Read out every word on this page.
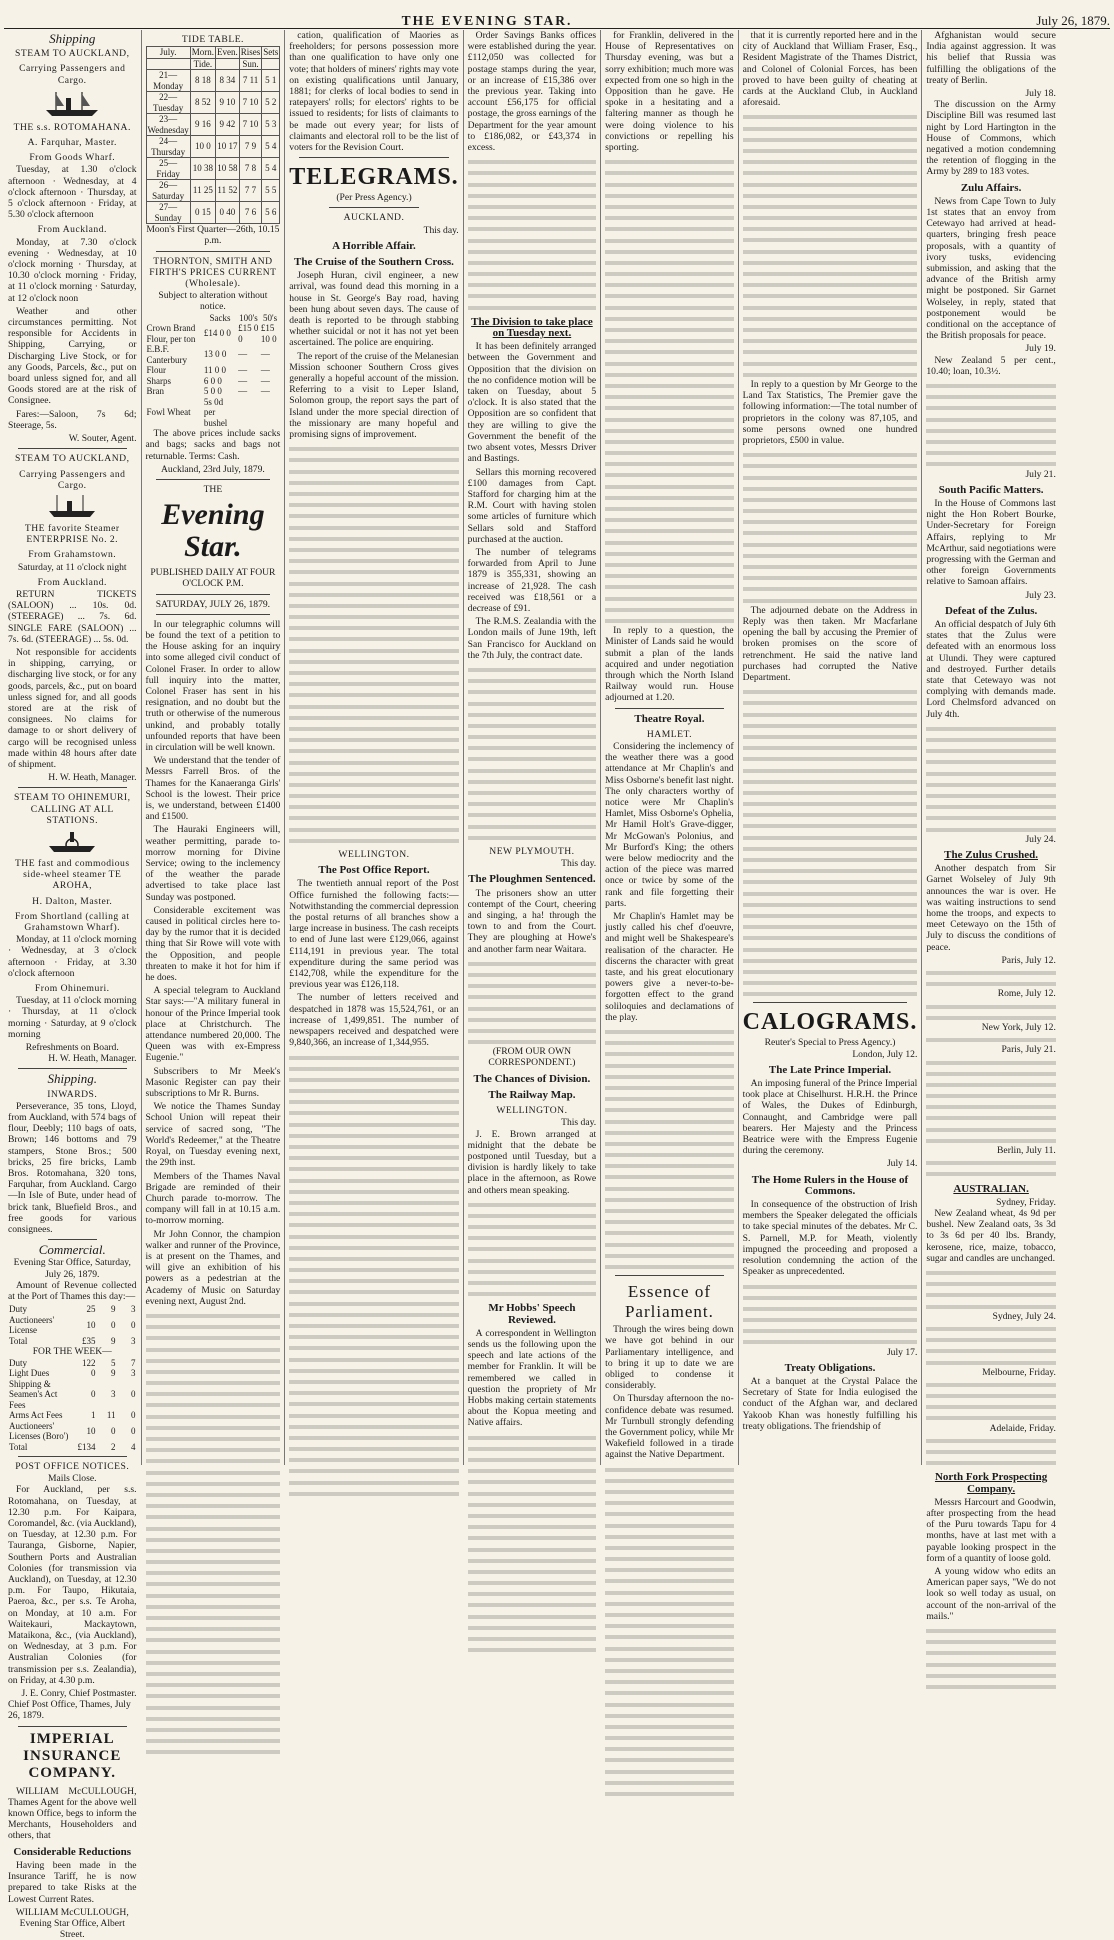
THE EVENING STAR.	July 26, 1879.
Shipping
STEAM TO AUCKLAND,
Carrying Passengers and Cargo.
THE s.s. ROTOMAHANA.
A. Farquhar, Master.
From Goods Wharf.

Tuesday, at 1.30 o'clock afternoon · Wednesday, at 4 o'clock afternoon · Thursday, at 5 o'clock afternoon · Friday, at 5.30 o'clock afternoon

From Auckland.

Monday, at 7.30 o'clock evening · Wednesday, at 10 o'clock morning · Thursday, at 10.30 o'clock morning · Friday, at 11 o'clock morning · Saturday, at 12 o'clock noon

Weather and other circumstances permitting. Not responsible for Accidents in Shipping, Carrying, or Discharging Live Stock, or for any Goods, Parcels, &c., put on board unless signed for, and all Goods stored are at the risk of Consignee.

Fares:—Saloon, 7s 6d; Steerage, 5s.

W. Souter, Agent.
STEAM TO AUCKLAND,
Carrying Passengers and Cargo.
THE favorite Steamer ENTERPRISE No. 2.
From Grahamstown.
Saturday, at 11 o'clock night
From Auckland.

RETURN TICKETS (SALOON) ... 10s. 0d. (STEERAGE) ... 7s. 6d. SINGLE FARE (SALOON) ... 7s. 6d. (STEERAGE) ... 5s. 0d.

Not responsible for accidents in shipping, carrying, or discharging live stock, or for any goods, parcels, &c., put on board unless signed for, and all goods stored are at the risk of consignees. No claims for damage to or short delivery of cargo will be recognised unless made within 48 hours after date of shipment.

H. W. Heath, Manager.
STEAM TO OHINEMURI, CALLING AT ALL STATIONS.
THE fast and commodious side-wheel steamer TE AROHA,
H. Dalton, Master.
From Shortland (calling at Grahamstown Wharf).

Monday, at 11 o'clock morning · Wednesday, at 3 o'clock afternoon · Friday, at 3.30 o'clock afternoon

From Ohinemuri.

Tuesday, at 11 o'clock morning · Thursday, at 11 o'clock morning · Saturday, at 9 o'clock morning

Refreshments on Board.
H. W. Heath, Manager.
Shipping.
INWARDS.

Perseverance, 35 tons, Lloyd, from Auckland, with 574 bags of flour, Deebly; 110 bags of oats, Brown; 146 bottoms and 79 stampers, Stone Bros.; 500 bricks, 25 fire bricks, Lamb Bros. Rotomahana, 320 tons, Farquhar, from Auckland. Cargo—In Isle of Bute, under head of brick tank, Bluefield Bros., and free goods for various consignees.

Commercial.
Evening Star Office, Saturday, July 26, 1879.

Amount of Revenue collected at the Port of Thames this day:—

Duty	25	9	3
Auctioneers' License	10	0	0
Total	£35	9	3
FOR THE WEEK—
Duty	122	5	7
Light Dues	0	9	3
Shipping & Seamen's Act Fees	0	3	0
Arms Act Fees	1	11	0
Auctioneers' Licenses (Boro')	10	0	0
Total	£134	2	4
POST OFFICE NOTICES.
Mails Close.

For Auckland, per s.s. Rotomahana, on Tuesday, at 12.30 p.m. For Kaipara, Coromandel, &c. (via Auckland), on Tuesday, at 12.30 p.m. For Tauranga, Gisborne, Napier, Southern Ports and Australian Colonies (for transmission via Auckland), on Tuesday, at 12.30 p.m. For Taupo, Hikutaia, Paeroa, &c., per s.s. Te Aroha, on Monday, at 10 a.m. For Waitekauri, Mackaytown, Mataikona, &c., (via Auckland), on Wednesday, at 3 p.m. For Australian Colonies (for transmission per s.s. Zealandia), on Friday, at 4.30 p.m.

J. E. Conry, Chief Postmaster.
Chief Post Office, Thames, July 26, 1879.
IMPERIAL INSURANCE COMPANY.

WILLIAM McCULLOUGH, Thames Agent for the above well known Office, begs to inform the Merchants, Householders and others, that

Considerable Reductions

Having been made in the Insurance Tariff, he is now prepared to take Risks at the Lowest Current Rates.

WILLIAM McCULLOUGH,
Evening Star Office, Albert Street.
TIDE TABLE.
July.	Morn.	Even.	Rises	Sets
	Tide.		Sun.	
21—Monday	8 18	8 34	7 11	5 1
22—Tuesday	8 52	9 10	7 10	5 2
23—Wednesday	9 16	9 42	7 10	5 3
24—Thursday	10 0	10 17	7 9	5 4
25—Friday	10 38	10 58	7 8	5 4
26—Saturday	11 25	11 52	7 7	5 5
27—Sunday	0 15	0 40	7 6	5 6
Moon's First Quarter—26th, 10.15 p.m.
THORNTON, SMITH AND FIRTH'S PRICES CURRENT (Wholesale).
Subject to alteration without notice.
	Sacks	100's	50's
Crown Brand Flour, per ton	£14 0 0	£15 0 0	£15 10 0
E.B.F. Canterbury	13 0 0	—	—
Flour	11 0 0	—	—
Sharps	6 0 0	—	—
Bran	5 0 0	—	—
Fowl Wheat	5s 0d per bushel		

The above prices include sacks and bags; sacks and bags not returnable. Terms: Cash.

Auckland, 23rd July, 1879.
THE
Evening Star.
PUBLISHED DAILY AT FOUR O'CLOCK P.M.
SATURDAY, JULY 26, 1879.

In our telegraphic columns will be found the text of a petition to the House asking for an inquiry into some alleged civil conduct of Colonel Fraser. In order to allow full inquiry into the matter, Colonel Fraser has sent in his resignation, and no doubt but the truth or otherwise of the numerous unkind, and probably totally unfounded reports that have been in circulation will be well known.

We understand that the tender of Messrs Farrell Bros. of the Thames for the Kanaeranga Girls' School is the lowest. Their price is, we understand, between £1400 and £1500.

The Hauraki Engineers will, weather permitting, parade to-morrow morning for Divine Service; owing to the inclemency of the weather the parade advertised to take place last Sunday was postponed.

Considerable excitement was caused in political circles here to-day by the rumor that it is decided thing that Sir Rowe will vote with the Opposition, and people threaten to make it hot for him if he does.

A special telegram to Auckland Star says:—"A military funeral in honour of the Prince Imperial took place at Christchurch. The attendance numbered 20,000. The Queen was with ex-Empress Eugenie."

Subscribers to Mr Meek's Masonic Register can pay their subscriptions to Mr R. Burns.

We notice the Thames Sunday School Union will repeat their service of sacred song, "The World's Redeemer," at the Theatre Royal, on Tuesday evening next, the 29th inst.

Members of the Thames Naval Brigade are reminded of their Church parade to-morrow. The company will fall in at 10.15 a.m. to-morrow morning.

Mr John Connor, the champion walker and runner of the Province, is at present on the Thames, and will give an exhibition of his powers as a pedestrian at the Academy of Music on Saturday evening next, August 2nd.

cation, qualification of Maories as freeholders; for persons possession more than one qualification to have only one vote; that holders of miners' rights may vote on existing qualifications until January, 1881; for clerks of local bodies to send in ratepayers' rolls; for electors' rights to be issued to residents; for lists of claimants to be made out every year; for lists of claimants and electoral roll to be the list of voters for the Revision Court.

TELEGRAMS.
(Per Press Agency.)
AUCKLAND.
This day.
A Horrible Affair.
The Cruise of the Southern Cross.

Joseph Huran, civil engineer, a new arrival, was found dead this morning in a house in St. George's Bay road, having been hung about seven days. The cause of death is reported to be through stabbing whether suicidal or not it has not yet been ascertained. The police are enquiring.

The report of the cruise of the Melanesian Mission schooner Southern Cross gives generally a hopeful account of the mission. Referring to a visit to Leper Island, Solomon group, the report says the part of Island under the more special direction of the missionary are many hopeful and promising signs of improvement.

WELLINGTON.
The Post Office Report.

The twentieth annual report of the Post Office furnished the following facts:—Notwithstanding the commercial depression the postal returns of all branches show a large increase in business. The cash receipts to end of June last were £129,066, against £114,191 in previous year. The total expenditure during the same period was £142,708, while the expenditure for the previous year was £126,118.

The number of letters received and despatched in 1878 was 15,524,761, or an increase of 1,499,851. The number of newspapers received and despatched were 9,840,366, an increase of 1,344,955.

Order Savings Banks offices were established during the year. £112,050 was collected for postage stamps during the year, or an increase of £15,386 over the previous year. Taking into account £56,175 for official postage, the gross earnings of the Department for the year amount to £186,082, or £43,374 in excess.

The Division to take place on Tuesday next.

It has been definitely arranged between the Government and Opposition that the division on the no confidence motion will be taken on Tuesday, about 5 o'clock. It is also stated that the Opposition are so confident that they are willing to give the Government the benefit of the two absent votes, Messrs Driver and Bastings.

Sellars this morning recovered £100 damages from Capt. Stafford for charging him at the R.M. Court with having stolen some articles of furniture which Sellars sold and Stafford purchased at the auction.

The number of telegrams forwarded from April to June 1879 is 355,331, showing an increase of 21,928. The cash received was £18,561 or a decrease of £91.

The R.M.S. Zealandia with the London mails of June 19th, left San Francisco for Auckland on the 7th July, the contract date.

NEW PLYMOUTH.
This day.
The Ploughmen Sentenced.

The prisoners show an utter contempt of the Court, cheering and singing, a ha! through the town to and from the Court. They are ploughing at Howe's and another farm near Waitara.

(FROM OUR OWN CORRESPONDENT.)
The Chances of Division.
The Railway Map.
WELLINGTON.
This day.

J. E. Brown arranged at midnight that the debate be postponed until Tuesday, but a division is hardly likely to take place in the afternoon, as Rowe and others mean speaking.

Mr Hobbs' Speech Reviewed.

A correspondent in Wellington sends us the following upon the speech and late actions of the member for Franklin. It will be remembered we called in question the propriety of Mr Hobbs making certain statements about the Kopua meeting and Native affairs.

for Franklin, delivered in the House of Representatives on Thursday evening, was but a sorry exhibition; much more was expected from one so high in the Opposition than he gave. He spoke in a hesitating and a faltering manner as though he were doing violence to his convictions or repelling his sporting.

In reply to a question, the Minister of Lands said he would submit a plan of the lands acquired and under negotiation through which the North Island Railway would run. House adjourned at 1.20.

Theatre Royal.
HAMLET.

Considering the inclemency of the weather there was a good attendance at Mr Chaplin's and Miss Osborne's benefit last night. The only characters worthy of notice were Mr Chaplin's Hamlet, Miss Osborne's Ophelia, Mr Hamil Holt's Grave-digger, Mr McGowan's Polonius, and Mr Burford's King; the others were below mediocrity and the action of the piece was marred once or twice by some of the rank and file forgetting their parts.

Mr Chaplin's Hamlet may be justly called his chef d'oeuvre, and might well be Shakespeare's realisation of the character. He discerns the character with great taste, and his great elocutionary powers give a never-to-be-forgotten effect to the grand soliloquies and declamations of the play.

Essence of Parliament.

Through the wires being down we have got behind in our Parliamentary intelligence, and to bring it up to date we are obliged to condense it considerably.

On Thursday afternoon the no-confidence debate was resumed. Mr Turnbull strongly defending the Government policy, while Mr Wakefield followed in a tirade against the Native Department.

that it is currently reported here and in the city of Auckland that William Fraser, Esq., Resident Magistrate of the Thames District, and Colonel of Colonial Forces, has been proved to have been guilty of cheating at cards at the Auckland Club, in Auckland aforesaid.

In reply to a question by Mr George to the Land Tax Statistics, The Premier gave the following information:—The total number of proprietors in the colony was 87,105, and some persons owned one hundred proprietors, £500 in value.

The adjourned debate on the Address in Reply was then taken. Mr Macfarlane opening the ball by accusing the Premier of broken promises on the score of retrenchment. He said the native land purchases had corrupted the Native Department.

CALOGRAMS.
Reuter's Special to Press Agency.)
London, July 12.
The Late Prince Imperial.

An imposing funeral of the Prince Imperial took place at Chiselhurst. H.R.H. the Prince of Wales, the Dukes of Edinburgh, Connaught, and Cambridge were pall bearers. Her Majesty and the Princess Beatrice were with the Empress Eugenie during the ceremony.

July 14.
The Home Rulers in the House of Commons.

In consequence of the obstruction of Irish members the Speaker delegated the officials to take special minutes of the debates. Mr C. S. Parnell, M.P. for Meath, violently impugned the proceeding and proposed a resolution condemning the action of the Speaker as unprecedented.

July 17.
Treaty Obligations.

At a banquet at the Crystal Palace the Secretary of State for India eulogised the conduct of the Afghan war, and declared Yakoob Khan was honestly fulfilling his treaty obligations. The friendship of

Afghanistan would secure India against aggression. It was his belief that Russia was fulfilling the obligations of the treaty of Berlin.

July 18.

The discussion on the Army Discipline Bill was resumed last night by Lord Hartington in the House of Commons, which negatived a motion condemning the retention of flogging in the Army by 289 to 183 votes.

Zulu Affairs.

News from Cape Town to July 1st states that an envoy from Cetewayo had arrived at head-quarters, bringing fresh peace proposals, with a quantity of ivory tusks, evidencing submission, and asking that the advance of the British army might be postponed. Sir Garnet Wolseley, in reply, stated that postponement would be conditional on the acceptance of the British proposals for peace.

July 19.

New Zealand 5 per cent., 10.40; loan, 10.3½.

July 21.
South Pacific Matters.

In the House of Commons last night the Hon Robert Bourke, Under-Secretary for Foreign Affairs, replying to Mr McArthur, said negotiations were progressing with the German and other foreign Governments relative to Samoan affairs.

July 23.
Defeat of the Zulus.

An official despatch of July 6th states that the Zulus were defeated with an enormous loss at Ulundi. They were captured and destroyed. Further details state that Cetewayo was not complying with demands made. Lord Chelmsford advanced on July 4th.

July 24.
The Zulus Crushed.

Another despatch from Sir Garnet Wolseley of July 9th announces the war is over. He was waiting instructions to send home the troops, and expects to meet Cetewayo on the 15th of July to discuss the conditions of peace.

Paris, July 12.
Rome, July 12.
New York, July 12.
Paris, July 21.
Berlin, July 11.
AUSTRALIAN.
Sydney, Friday.

New Zealand wheat, 4s 9d per bushel. New Zealand oats, 3s 3d to 3s 6d per 40 lbs. Brandy, kerosene, rice, maize, tobacco, sugar and candles are unchanged.

Sydney, July 24.
Melbourne, Friday.
Adelaide, Friday.
North Fork Prospecting Company.

Messrs Harcourt and Goodwin, after prospecting from the head of the Puru towards Tapu for 4 months, have at last met with a payable looking prospect in the form of a quantity of loose gold.

A young widow who edits an American paper says, "We do not look so well today as usual, on account of the non-arrival of the mails."
